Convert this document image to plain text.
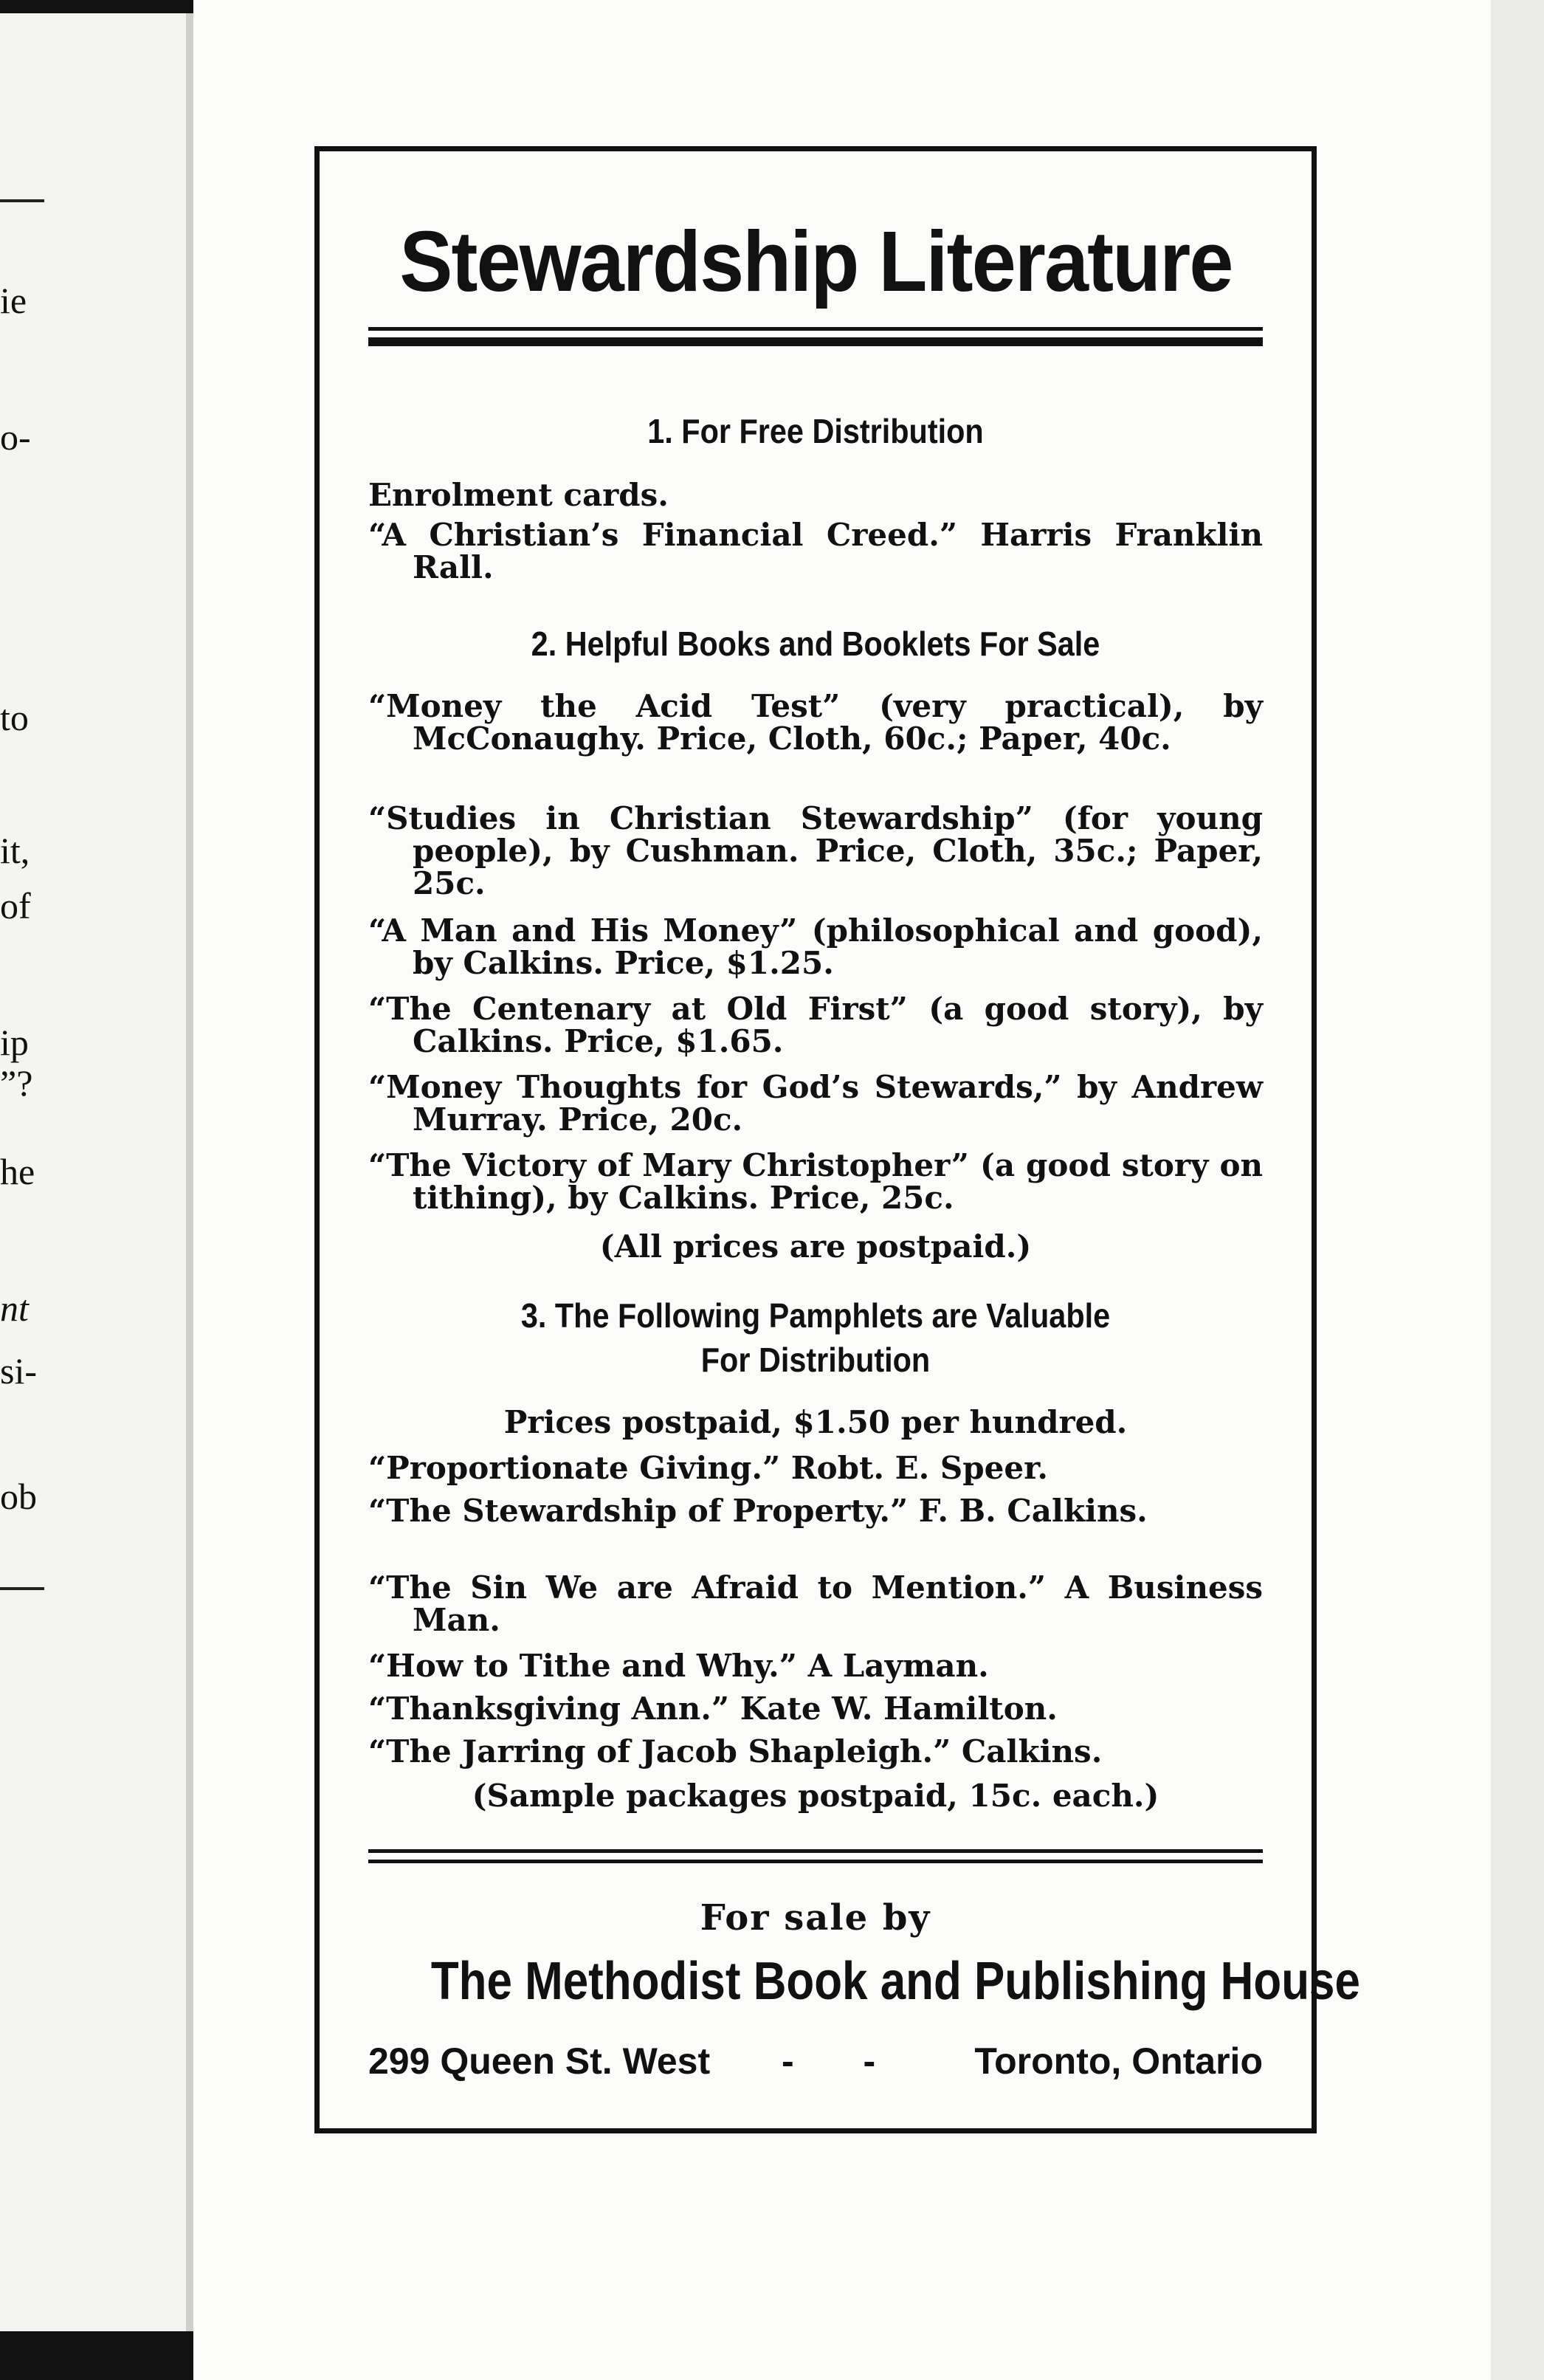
ie
o-
to
it,
of
ip
”?
he
nt
si-
ob
Stewardship Literature
1. For Free Distribution
Enrolment cards.
“A Christian’s Financial Creed.” Harris Franklin Rall.
2. Helpful Books and Booklets For Sale
“Money the Acid Test” (very practical), by McConaughy. Price, Cloth, 60c.; Paper, 40c.
“Studies in Christian Stewardship” (for young people), by Cushman. Price, Cloth, 35c.; Paper, 25c.
“A Man and His Money” (philosophical and good), by Calkins. Price, $1.25.
“The Centenary at Old First” (a good story), by Calkins. Price, $1.65.
“Money Thoughts for God’s Stewards,” by Andrew Murray. Price, 20c.
“The Victory of Mary Christopher” (a good story on tithing), by Calkins. Price, 25c.
(All prices are postpaid.)
3. The Following Pamphlets are Valuable
For Distribution
Prices postpaid, $1.50 per hundred.
“Proportionate Giving.” Robt. E. Speer.
“The Stewardship of Property.” F. B. Calkins.
“The Sin We are Afraid to Mention.” A Business Man.
“How to Tithe and Why.” A Layman.
“Thanksgiving Ann.” Kate W. Hamilton.
“The Jarring of Jacob Shapleigh.” Calkins.
(Sample packages postpaid, 15c. each.)
For sale by
The Methodist Book and Publishing House
299 Queen St. West - - Toronto, Ontario
